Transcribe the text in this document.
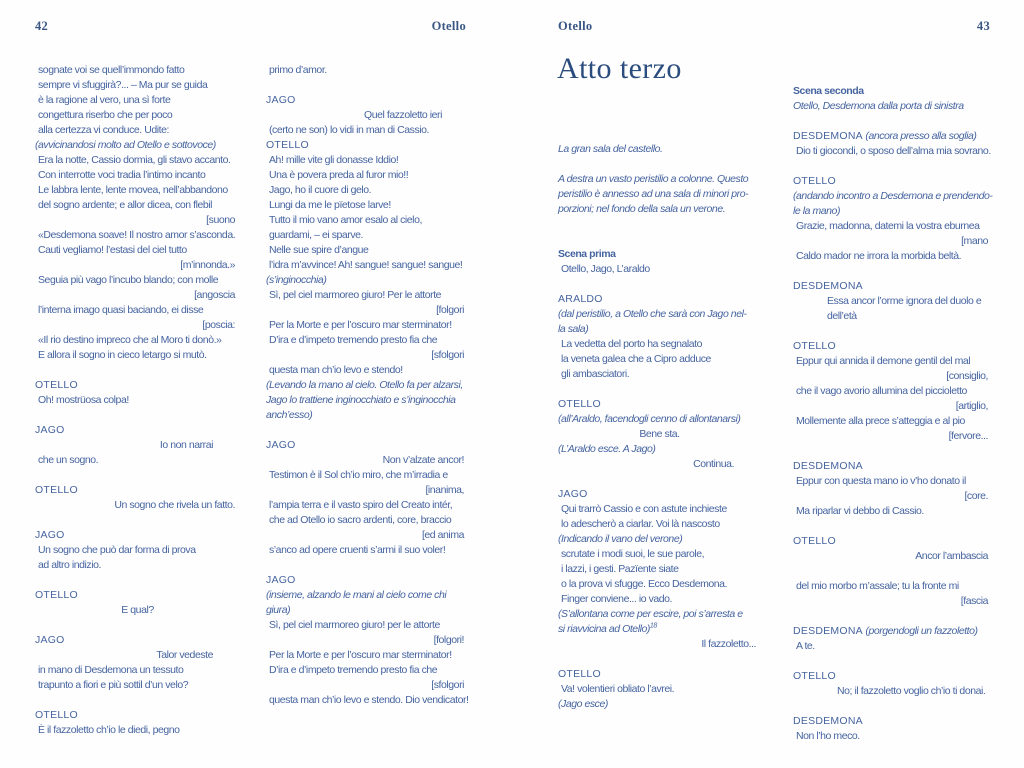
42	Otello	Otello	43
Atto terzo
sognate voi se quell’immondo fatto
sempre vi sfuggirà?... – Ma pur se guida
è la ragione al vero, una sì forte
congettura riserbo che per poco
alla certezza vi conduce. Udite:
(avvicinandosi molto ad Otello e sottovoce)
Era la notte, Cassio dormia, gli stavo accanto.
Con interrotte voci tradia l’intimo incanto
Le labbra lente, lente movea, nell’abbandono
del sogno ardente; e allor dicea, con flebil
[suono
«Desdemona soave! Il nostro amor s’asconda.
Cauti vegliamo! l’estasi del ciel tutto
[m’innonda.»
Seguia più vago l’incubo blando; con molle
[angoscia
l’interna imago quasi baciando, ei disse
[poscia:
«Il rio destino impreco che al Moro ti donò.»
E allora il sogno in cieco letargo si mutò.
OTELLO
Oh! mostrüosa colpa!
JAGO
Io non narrai
che un sogno.
OTELLO
Un sogno che rivela un fatto.
JAGO
Un sogno che può dar forma di prova
ad altro indizio.
OTELLO
E qual?
JAGO
Talor vedeste
in mano di Desdemona un tessuto
trapunto a fiori e più sottil d’un velo?
OTELLO
È il fazzoletto ch’io le diedi, pegno
primo d’amor.
JAGO
Quel fazzoletto ieri
(certo ne son) lo vidi in man di Cassio.
OTELLO
Ah! mille vite gli donasse Iddio!
Una è povera preda al furor mio!!
Jago, ho il cuore di gelo.
Lungi da me le pïetose larve!
Tutto il mio vano amor esalo al cielo,
guardami, – ei sparve.
Nelle sue spire d’angue
l’idra m’avvince! Ah! sangue! sangue! sangue!
(s’inginocchia)
Sì, pel ciel marmoreo giuro! Per le attorte
[folgori
Per la Morte e per l’oscuro mar sterminator!
D’ira e d’impeto tremendo presto fia che
[sfolgori
questa man ch’io levo e stendo!
(Levando la mano al cielo. Otello fa per alzarsi,
Jago lo trattiene inginocchiato e s’inginocchia
anch’esso)
JAGO
Non v’alzate ancor!
Testimon è il Sol ch’io miro, che m’irradia e
[inanima,
l’ampia terra e il vasto spiro del Creato intér,
che ad Otello io sacro ardenti, core, braccio
[ed anima
s’anco ad opere cruenti s’armi il suo voler!
JAGO
(insieme, alzando le mani al cielo come chi
giura)
Sì, pel ciel marmoreo giuro! per le attorte
[folgori!
Per la Morte e per l’oscuro mar sterminator!
D’ira e d’impeto tremendo presto fia che
[sfolgori
questa man ch’io levo e stendo. Dio vendicator!
La gran sala del castello.
A destra un vasto peristilio a colonne. Questo
peristilio è annesso ad una sala di minori pro-
porzioni; nel fondo della sala un verone.
Scena prima
Otello, Jago, L’araldo
ARALDO
(dal peristilio, a Otello che sarà con Jago nel-
la sala)
La vedetta del porto ha segnalato
la veneta galea che a Cipro adduce
gli ambasciatori.
OTELLO
(all’Araldo, facendogli cenno di allontanarsi)
Bene sta.
(L’Araldo esce. A Jago)
Continua.
JAGO
Qui trarrò Cassio e con astute inchieste
lo adescherò a ciarlar. Voi là nascosto
(Indicando il vano del verone)
scrutate i modi suoi, le sue parole,
i lazzi, i gesti. Pazïente siate
o la prova vi sfugge. Ecco Desdemona.
Finger conviene... io vado.
(S’allontana come per escire, poi s’arresta e
si riavvicina ad Otello)$^{18}$
Il fazzoletto...
OTELLO
Va! volentieri obliato l’avrei.
(Jago esce)
Scena seconda
Otello, Desdemona dalla porta di sinistra
DESDEMONA (ancora presso alla soglia)
Dio ti giocondi, o sposo dell’alma mia sovrano.
OTELLO
(andando incontro a Desdemona e prendendo-
le la mano)
Grazie, madonna, datemi la vostra eburnea
[mano
Caldo mador ne irrora la morbida beltà.
DESDEMONA
Essa ancor l’orme ignora del duolo e
dell’età
OTELLO
Eppur qui annida il demone gentil del mal
[consiglio,
che il vago avorio allumina del piccioletto
[artiglio,
Mollemente alla prece s’atteggia e al pio
[fervore...
DESDEMONA
Eppur con questa mano io v’ho donato il
[core.
Ma riparlar vi debbo di Cassio.
OTELLO
Ancor l’ambascia
del mio morbo m’assale; tu la fronte mi
[fascia
DESDEMONA (porgendogli un fazzoletto)
A te.
OTELLO
No; il fazzoletto voglio ch’io ti donai.
DESDEMONA
Non l’ho meco.
